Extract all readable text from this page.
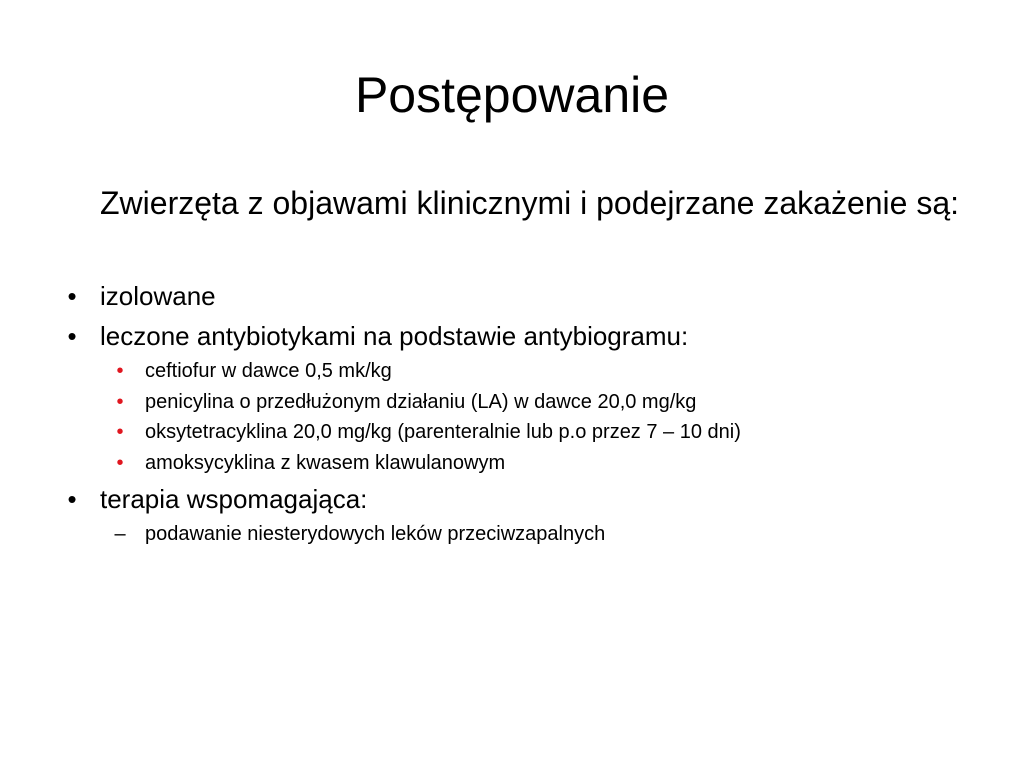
Postępowanie

Zwierzęta z objawami klinicznymi i podejrzane zakażenie są:

• izolowane
• leczone antybiotykami na podstawie antybiogramu:
• ceftiofur w dawce 0,5 mk/kg
• penicylina o przedłużonym działaniu (LA) w dawce 20,0 mg/kg
• oksytetracyklina 20,0 mg/kg (parenteralnie lub p.o przez 7 – 10 dni)
• amoksycyklina z kwasem klawulanowym
• terapia wspomagająca:
– podawanie niesterydowych leków przeciwzapalnych
